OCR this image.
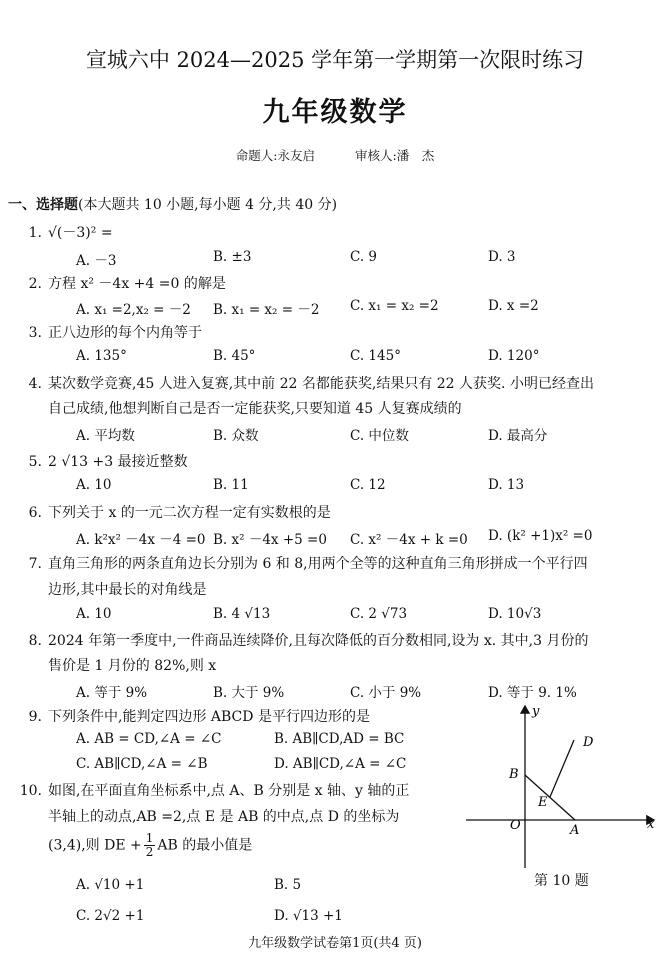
宣城六中 2024—2025 学年第一学期第一次限时练习
九年级数学
命题人:永友启	审核人:潘　杰
一、选择题(本大题共 10 小题,每小题 4 分,共 40 分)
1. √(－3)² =
A. －3	B. ±3	C. 9	D. 3
2. 方程 x² －4x +4 =0 的解是
A. x₁ =2,x₂ = －2 B. x₁ = x₂ = －2 C. x₁ = x₂ =2	D. x =2
3. 正八边形的每个内角等于
A. 135°	B. 45°	C. 145°	D. 120°
4. 某次数学竞赛,45 人进入复赛,其中前 22 名都能获奖,结果只有 22 人获奖. 小明已经查出
自己成绩,他想判断自己是否一定能获奖,只要知道 45 人复赛成绩的
A. 平均数	B. 众数	C. 中位数	D. 最高分
5. 2 √13 +3 最接近整数
A. 10	B. 11	C. 12	D. 13
6. 下列关于 x 的一元二次方程一定有实数根的是
A. k²x² －4x －4 =0 B. x² －4x +5 =0 C. x² －4x + k =0 D. (k² +1)x² =0
7. 直角三角形的两条直角边长分别为 6 和 8,用两个全等的这种直角三角形拼成一个平行四
边形,其中最长的对角线是
A. 10	B. 4 √13	C. 2 √73	D. 10√3
8. 2024 年第一季度中,一件商品连续降价,且每次降低的百分数相同,设为 x. 其中,3 月份的
售价是 1 月份的 82%,则 x
A. 等于 9%	B. 大于 9%	C. 小于 9%	D. 等于 9. 1%
9. 下列条件中,能判定四边形 ABCD 是平行四边形的是
A. AB = CD,∠A = ∠C	B. AB∥CD,AD = BC
C. AB∥CD,∠A = ∠B	D. AB∥CD,∠A = ∠C
10. 如图,在平面直角坐标系中,点 A、B 分别是 x 轴、y 轴的正
半轴上的动点,AB =2,点 E 是 AB 的中点,点 D 的坐标为
(3,4),则 DE + $\frac{1}{2}$ AB 的最小值是
A. √10 +1	B. 5
C. 2√2 +1	D. √13 +1
y
x
O	A
B
E
D
第 10 题
九年级数学试卷第1页(共4 页)
